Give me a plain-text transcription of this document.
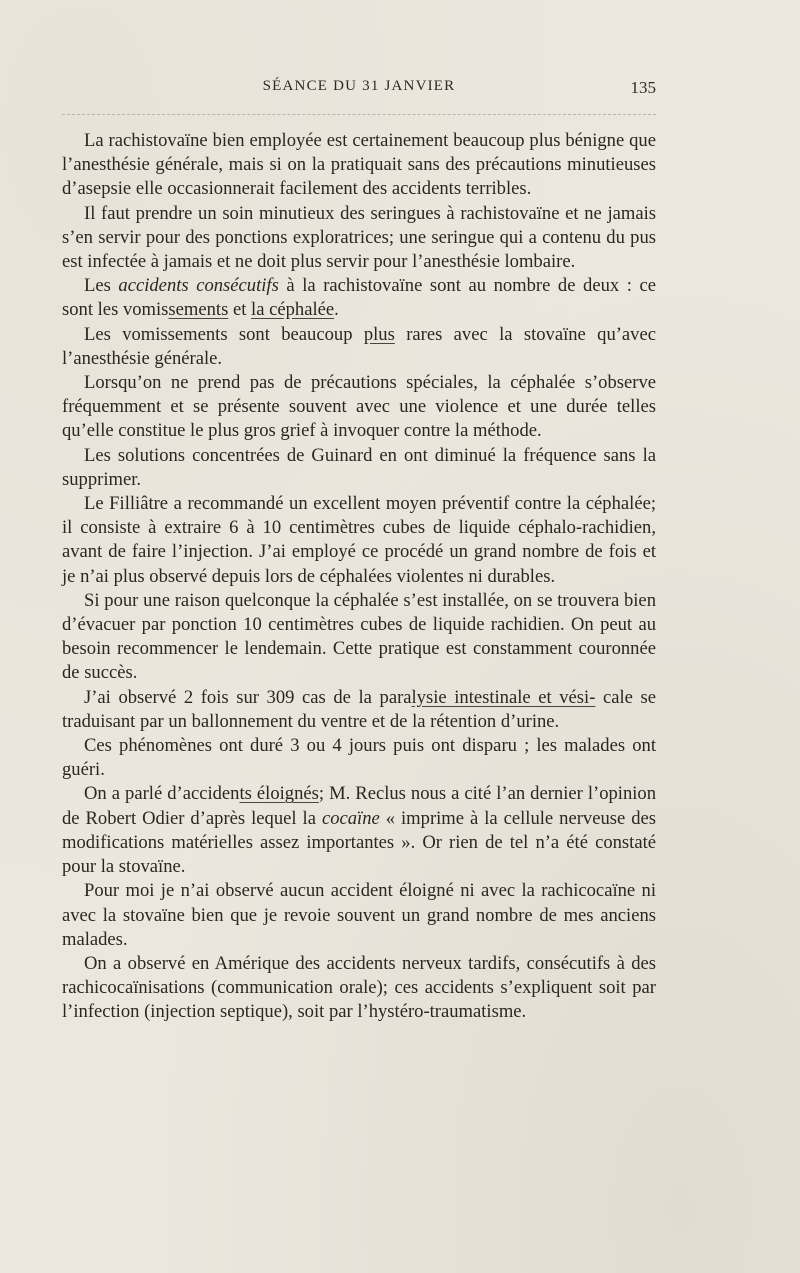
SÉANCE DU 31 JANVIER	135

La rachistovaïne bien employée est certainement beaucoup plus bénigne que l’anesthésie générale, mais si on la pratiquait sans des précautions minutieuses d’asepsie elle occasionnerait facilement des accidents terribles.

Il faut prendre un soin minutieux des seringues à rachistovaïne et ne jamais s’en servir pour des ponctions exploratrices; une seringue qui a contenu du pus est infectée à jamais et ne doit plus servir pour l’anesthésie lombaire.

Les accidents consécutifs à la rachistovaïne sont au nombre de deux : ce sont les vomissements et la céphalée.

Les vomissements sont beaucoup plus rares avec la stovaïne qu’avec l’anesthésie générale.

Lorsqu’on ne prend pas de précautions spéciales, la céphalée s’observe fréquemment et se présente souvent avec une violence et une durée telles qu’elle constitue le plus gros grief à invoquer contre la méthode.

Les solutions concentrées de Guinard en ont diminué la fréquence sans la supprimer.

Le Filliâtre a recommandé un excellent moyen préventif contre la céphalée; il consiste à extraire 6 à 10 centimètres cubes de liquide céphalo-rachidien, avant de faire l’injection. J’ai employé ce procédé un grand nombre de fois et je n’ai plus observé depuis lors de céphalées violentes ni durables.

Si pour une raison quelconque la céphalée s’est installée, on se trouvera bien d’évacuer par ponction 10 centimètres cubes de liquide rachidien. On peut au besoin recommencer le lendemain. Cette pratique est constamment couronnée de succès.

J’ai observé 2 fois sur 309 cas de la paralysie intestinale et vési- cale se traduisant par un ballonnement du ventre et de la rétention d’urine.

Ces phénomènes ont duré 3 ou 4 jours puis ont disparu ; les malades ont guéri.

On a parlé d’accidents éloignés; M. Reclus nous a cité l’an dernier l’opinion de Robert Odier d’après lequel la cocaïne « imprime à la cellule nerveuse des modifications matérielles assez importantes ». Or rien de tel n’a été constaté pour la stovaïne.

Pour moi je n’ai observé aucun accident éloigné ni avec la rachicocaïne ni avec la stovaïne bien que je revoie souvent un grand nombre de mes anciens malades.

On a observé en Amérique des accidents nerveux tardifs, consécutifs à des rachicocaïnisations (communication orale); ces accidents s’expliquent soit par l’infection (injection septique), soit par l’hystéro-traumatisme.
